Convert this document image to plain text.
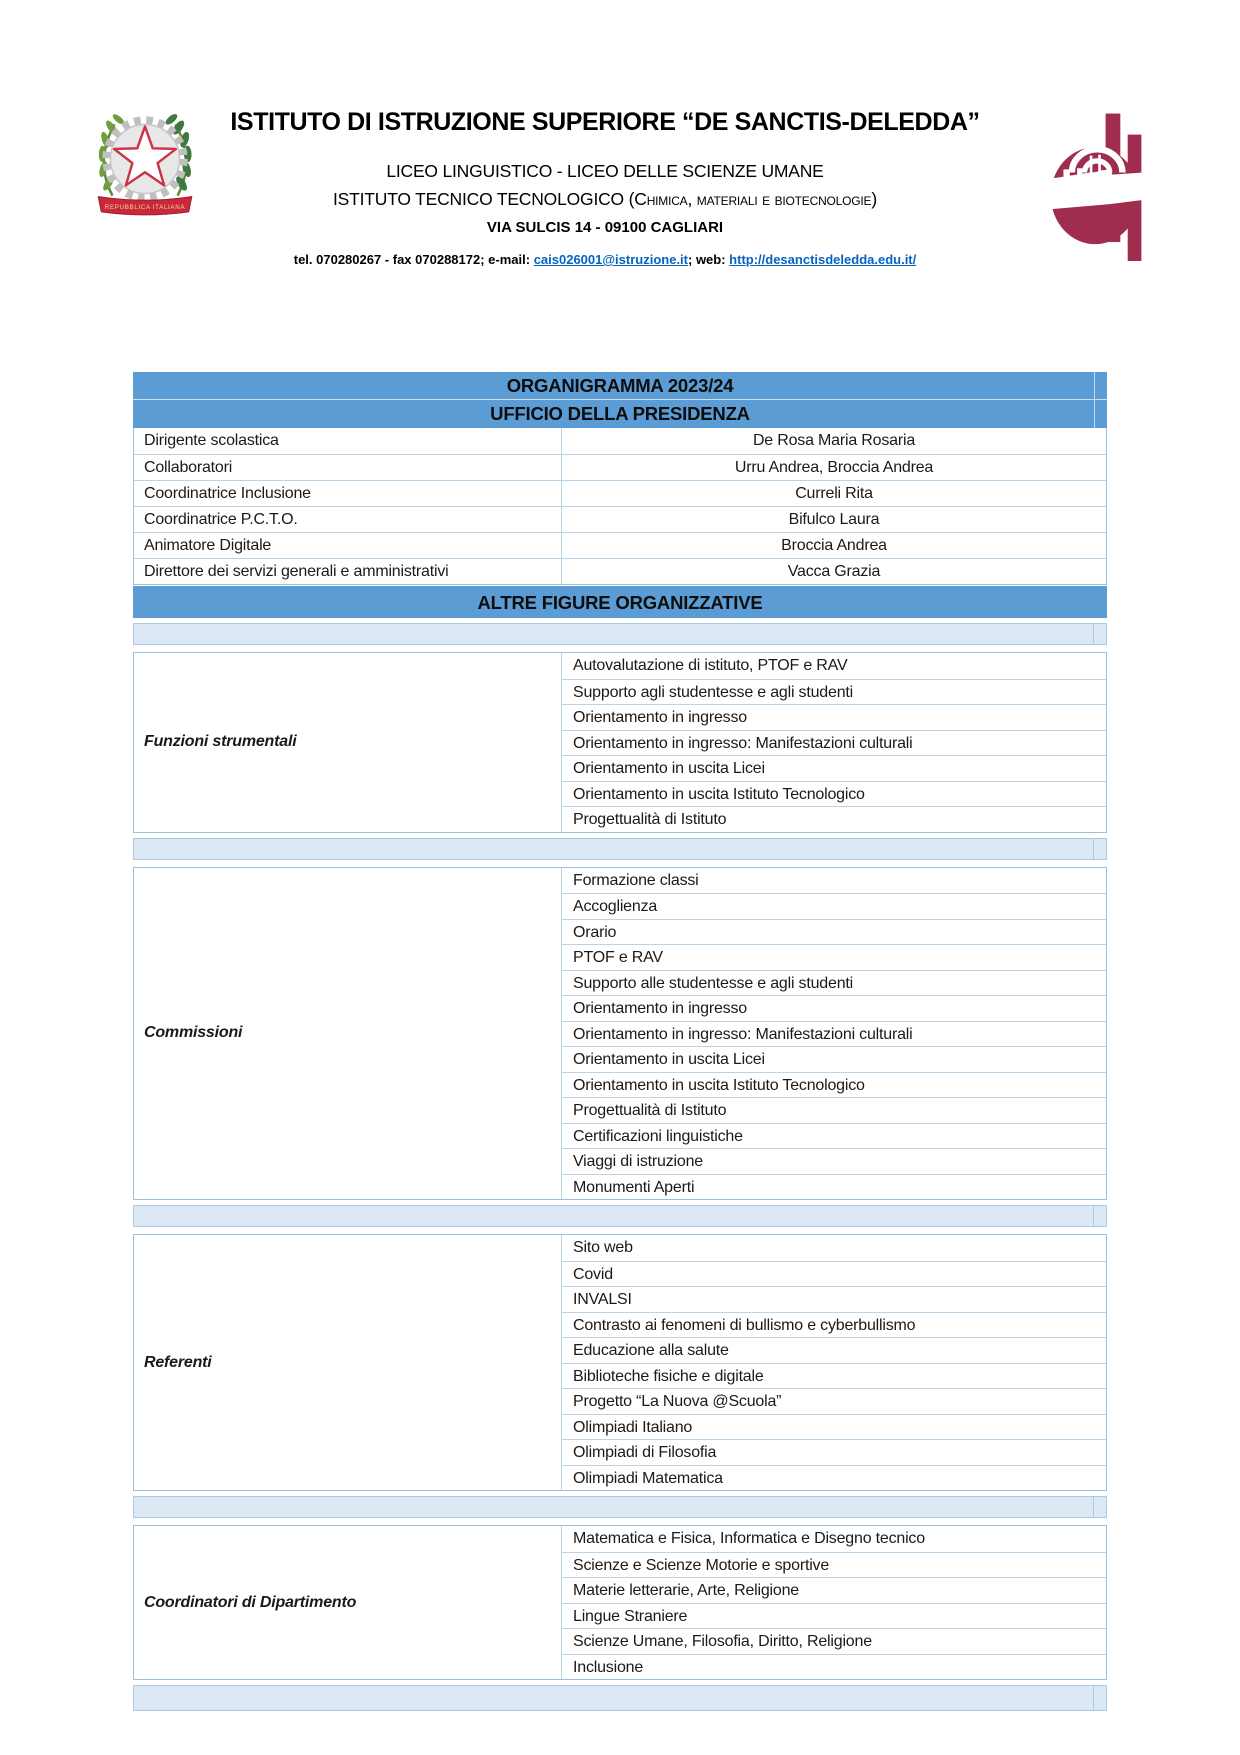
REPUBBLICA ITALIANA
ISTITUTO DI ISTRUZIONE SUPERIORE “DE SANCTIS-DELEDDA”
LICEO LINGUISTICO - LICEO DELLE SCIENZE UMANE
ISTITUTO TECNICO TECNOLOGICO (Chimica, materiali e biotecnologie)
VIA SULCIS 14 - 09100 CAGLIARI
tel. 070280267 - fax 070288172; e-mail: cais026001@istruzione.it; web: http://desanctisdeledda.edu.it/
ORGANIGRAMMA 2023/24
UFFICIO DELLA PRESIDENZA
Dirigente scolastica	De Rosa Maria Rosaria
Collaboratori	Urru Andrea, Broccia Andrea
Coordinatrice Inclusione	Curreli Rita
Coordinatrice P.C.T.O.	Bifulco Laura
Animatore Digitale	Broccia Andrea
Direttore dei servizi generali e amministrativi	Vacca Grazia
ALTRE FIGURE ORGANIZZATIVE
Funzioni strumentali
Autovalutazione di istituto, PTOF e RAV
Supporto agli studentesse e agli studenti
Orientamento in ingresso
Orientamento in ingresso: Manifestazioni culturali
Orientamento in uscita Licei
Orientamento in uscita Istituto Tecnologico
Progettualità di Istituto
Commissioni
Formazione classi
Accoglienza
Orario
PTOF e RAV
Supporto alle studentesse e agli studenti
Orientamento in ingresso
Orientamento in ingresso: Manifestazioni culturali
Orientamento in uscita Licei
Orientamento in uscita Istituto Tecnologico
Progettualità di Istituto
Certificazioni linguistiche
Viaggi di istruzione
Monumenti Aperti
Referenti
Sito web
Covid
INVALSI
Contrasto ai fenomeni di bullismo e cyberbullismo
Educazione alla salute
Biblioteche fisiche e digitale
Progetto “La Nuova @Scuola”
Olimpiadi Italiano
Olimpiadi di Filosofia
Olimpiadi Matematica
Coordinatori di Dipartimento
Matematica e Fisica, Informatica e Disegno tecnico
Scienze e Scienze Motorie e sportive
Materie letterarie, Arte, Religione
Lingue Straniere
Scienze Umane, Filosofia, Diritto, Religione
Inclusione
